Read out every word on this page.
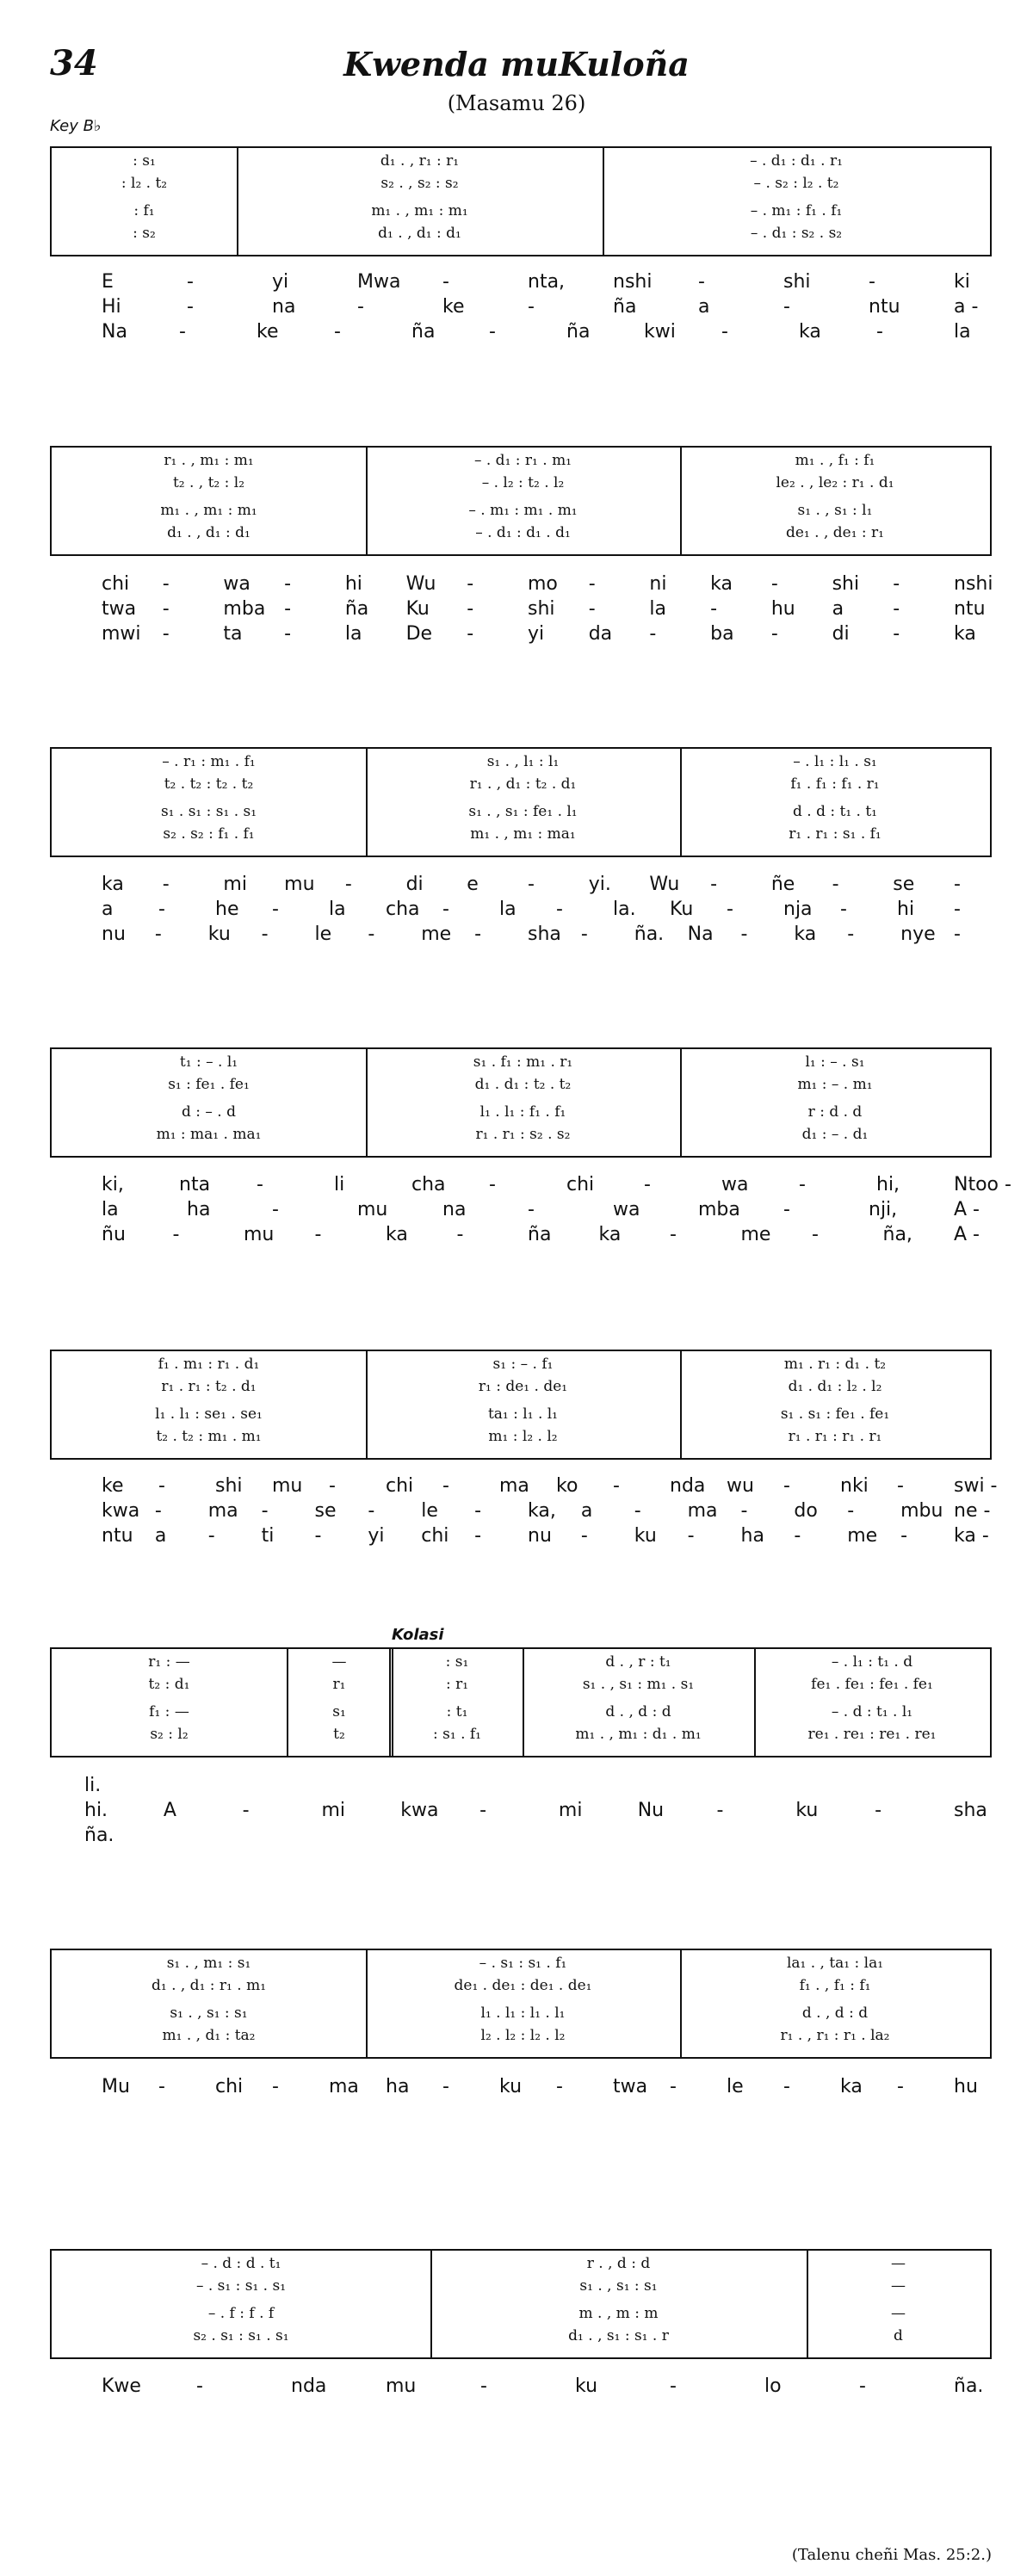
34	Kwenda muKuloña
(Masamu 26)
Key B♭
Kolasi
(Talenu cheñi Mas. 25:2.)
: s₁	d₁ . , r₁ : r₁	– . d₁ : d₁ . r₁
: l₂ . t₂	s₂ . , s₂ : s₂	– . s₂ : l₂ . t₂
: f₁	m₁ . , m₁ : m₁	– . m₁ : f₁ . f₁
: s₂	d₁ . , d₁ : d₁	– . d₁ : s₂ . s₂
E	-	yi	Mwa -	nta,	nshi -	shi	-	ki
Hi	-	na	-	ke	-	ña	a	-	ntu	a -
Na	-	ke	-	ña	-	ña	kwi -	ka	-	la
r₁ . , m₁ : m₁	– . d₁ : r₁ . m₁	m₁ . , f₁ : f₁
t₂ . , t₂ : l₂	– . l₂ : t₂ . l₂	le₂ . , le₂ : r₁ . d₁
m₁ . , m₁ : m₁	– . m₁ : m₁ . m₁	s₁ . , s₁ : l₁
d₁ . , d₁ : d₁	– . d₁ : d₁ . d₁	de₁ . , de₁ : r₁
chi -	wa -	hi Wu -	mo -	ni ka -	shi -	nshi
twa -	mba -	ña Ku -	shi -	la -	hu a	-	ntu
mwi -	ta -	la De -	yi da -	ba -	di -	ka
– . r₁ : m₁ . f₁	s₁ . , l₁ : l₁	– . l₁ : l₁ . s₁
t₂ . t₂ : t₂ . t₂	r₁ . , d₁ : t₂ . d₁	f₁ . f₁ : f₁ . r₁
s₁ . s₁ : s₁ . s₁	s₁ . , s₁ : fe₁ . l₁	d . d : t₁ . t₁
s₂ . s₂ : f₁ . f₁	m₁ . , m₁ : ma₁	r₁ . r₁ : s₁ . f₁
ka -	mi mu -	di e	-	yi. Wu -	ñe -	se -
a -	he -	la cha -	la -	la. Ku -	nja -	hi -
nu - ku - le - me - sha - ña. Na - ka - nye -
t₁ : – . l₁	s₁ . f₁ : m₁ . r₁	l₁ : – . s₁
s₁ : fe₁ . fe₁	d₁ . d₁ : t₂ . t₂	m₁ : – . m₁
d : – . d	l₁ . l₁ : f₁ . f₁	r : d . d
m₁ : ma₁ . ma₁	r₁ . r₁ : s₂ . s₂	d₁ : – . d₁
ki,	nta -	li	cha -	chi	-	wa	-	hi,	Ntoo -
la	ha	-	mu	na	-	wa	mba -	nji,	A -
ñu -	mu -	ka	-	ña	ka	-	me -	ña, A -
f₁ . m₁ : r₁ . d₁	s₁ : – . f₁	m₁ . r₁ : d₁ . t₂
r₁ . r₁ : t₂ . d₁	r₁ : de₁ . de₁	d₁ . d₁ : l₂ . l₂
l₁ . l₁ : se₁ . se₁	ta₁ : l₁ . l₁	s₁ . s₁ : fe₁ . fe₁
t₂ . t₂ : m₁ . m₁	m₁ : l₂ . l₂	r₁ . r₁ : r₁ . r₁
ke -	shi mu -	chi -	ma ko -	nda wu -	nki -	swi -
kwa - ma - se - le - ka, a - ma - do - mbu ne -
ntu a - ti - yi chi - nu - ku - ha - me - ka -
r₁ : —	—	: s₁	d . , r : t₁	– . l₁ : t₁ . d
t₂ : d₁	r₁	: r₁	s₁ . , s₁ : m₁ . s₁	fe₁ . fe₁ : fe₁ . fe₁
f₁ : —	s₁	: t₁	d . , d : d	– . d : t₁ . l₁
s₂ : l₂	t₂	: s₁ . f₁	m₁ . , m₁ : d₁ . m₁	re₁ . re₁ : re₁ . re₁
li.
hi.	A	-	mi	kwa -	mi	Nu	-	ku	-	sha
ña.
s₁ . , m₁ : s₁	– . s₁ : s₁ . f₁	la₁ . , ta₁ : la₁
d₁ . , d₁ : r₁ . m₁	de₁ . de₁ : de₁ . de₁	f₁ . , f₁ : f₁
s₁ . , s₁ : s₁	l₁ . l₁ : l₁ . l₁	d . , d : d
m₁ . , d₁ : ta₂	l₂ . l₂ : l₂ . l₂	r₁ . , r₁ : r₁ . la₂
Mu -	chi -	ma ha -	ku -	twa -	le -	ka -	hu
– . d : d . t₁	r . , d : d	—
– . s₁ : s₁ . s₁	s₁ . , s₁ : s₁	—
– . f : f . f	m . , m : m	—
s₂ . s₁ : s₁ . s₁	d₁ . , s₁ : s₁ . r	d
Kwe	-	nda	mu	-	ku	-	lo	-	ña.
